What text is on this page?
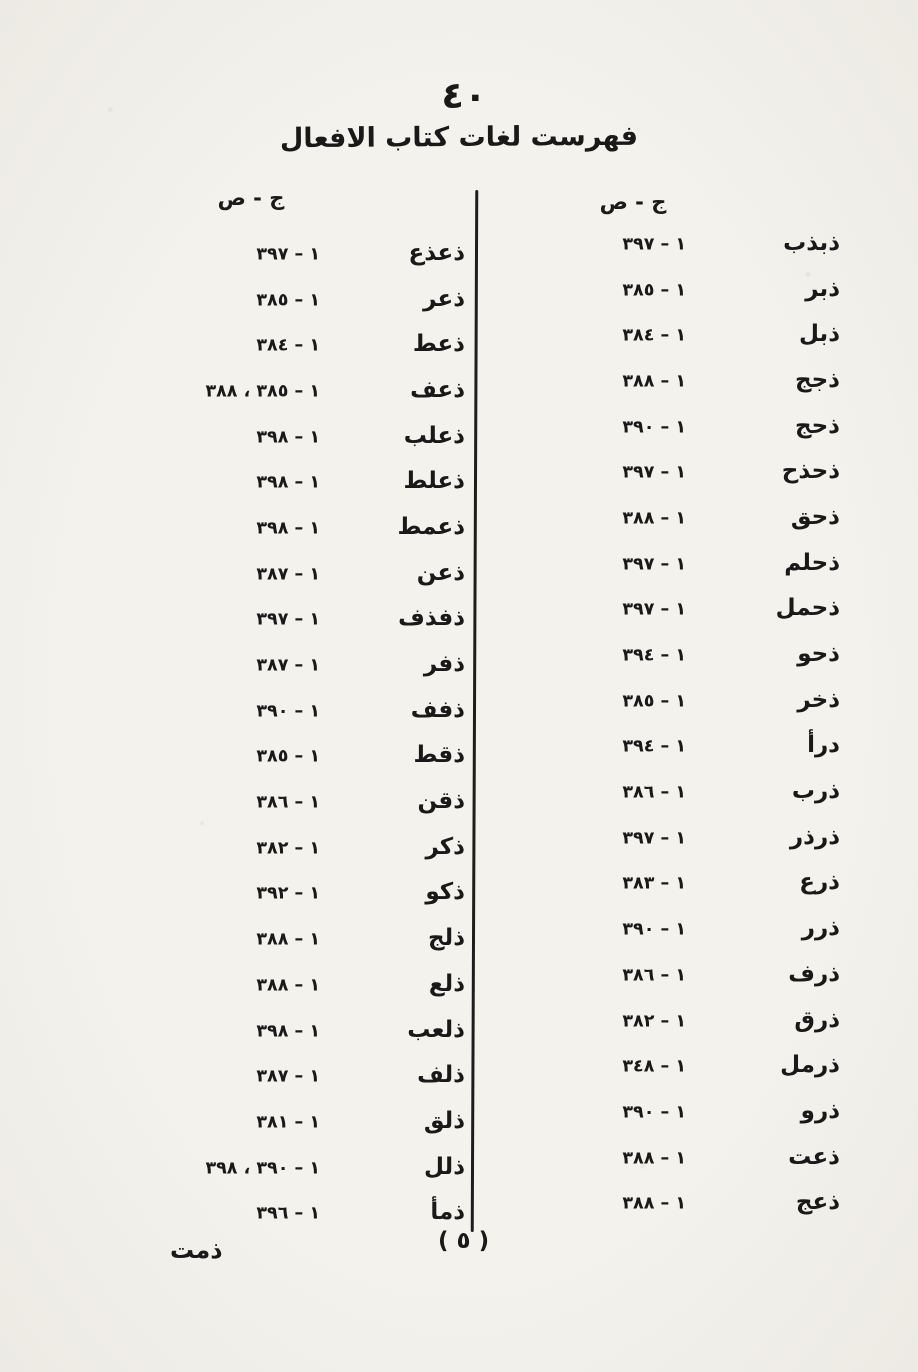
٤٠
فهرست لغات كتاب الافعال
ج - ص
ج - ص
ذبذب
١ – ٣٩٧
ذبر
١ – ٣٨٥
ذبل
١ – ٣٨٤
ذجج
١ – ٣٨٨
ذحج
١ – ٣٩٠
ذحذح
١ – ٣٩٧
ذحق
١ – ٣٨٨
ذحلم
١ – ٣٩٧
ذحمل
١ – ٣٩٧
ذحو
١ – ٣٩٤
ذخر
١ – ٣٨٥
درأ
١ – ٣٩٤
ذرب
١ – ٣٨٦
ذرذر
١ – ٣٩٧
ذرع
١ – ٣٨٣
ذرر
١ – ٣٩٠
ذرف
١ – ٣٨٦
ذرق
١ – ٣٨٢
ذرمل
١ – ٣٤٨
ذرو
١ – ٣٩٠
ذعت
١ – ٣٨٨
ذعج
١ – ٣٨٨
ذعذع
١ – ٣٩٧
ذعر
١ – ٣٨٥
ذعط
١ – ٣٨٤
ذعف
١ – ٣٨٥ ، ٣٨٨
ذعلب
١ – ٣٩٨
ذعلط
١ – ٣٩٨
ذعمط
١ – ٣٩٨
ذعن
١ – ٣٨٧
ذفذف
١ – ٣٩٧
ذفر
١ – ٣٨٧
ذفف
١ – ٣٩٠
ذقط
١ – ٣٨٥
ذقن
١ – ٣٨٦
ذكر
١ – ٣٨٢
ذكو
١ – ٣٩٢
ذلج
١ – ٣٨٨
ذلع
١ – ٣٨٨
ذلعب
١ – ٣٩٨
ذلف
١ – ٣٨٧
ذلق
١ – ٣٨١
ذلل
١ – ٣٩٠ ، ٣٩٨
ذمأ
١ – ٣٩٦
( ٥ )
ذمت
